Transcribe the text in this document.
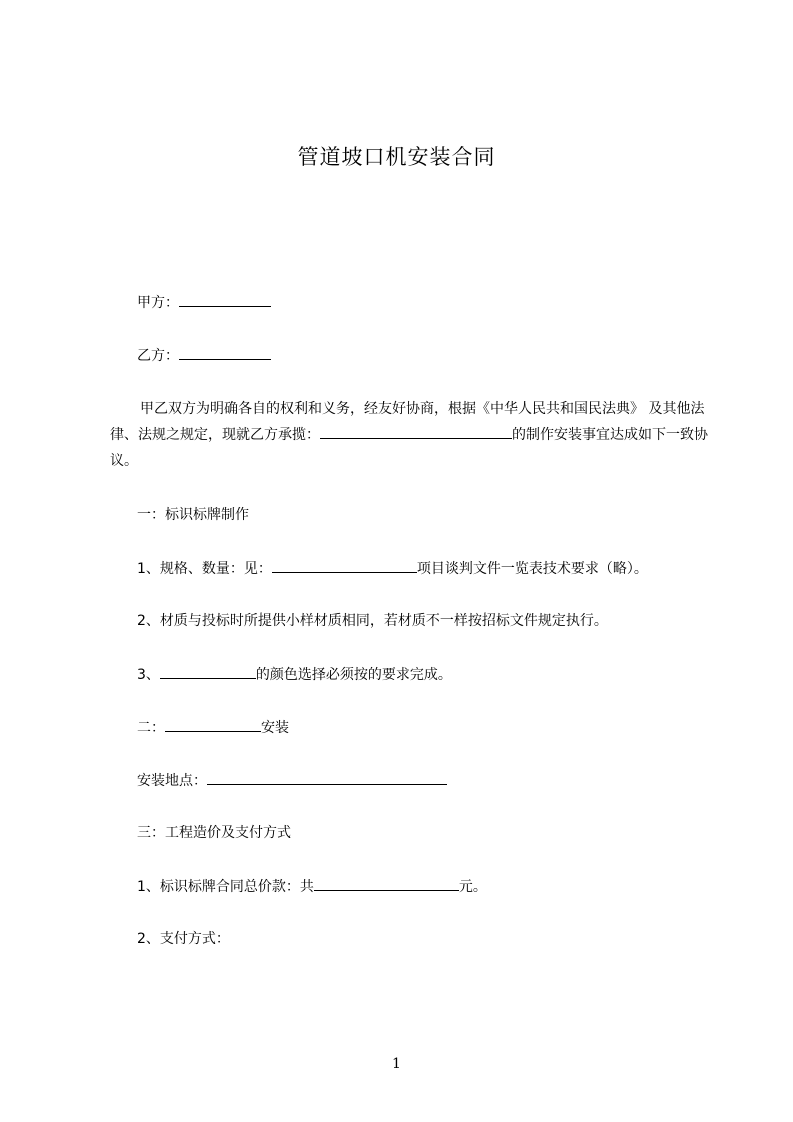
管道坡口机安装合同
甲方：
乙方：
甲乙双方为明确各自的权利和义务，经友好协商，根据《中华人民共和国民法典》 及其他法律、法规之规定，现就乙方承揽：	的制作安装事宜达成如下一致协议。
一：标识标牌制作
1、规格、数量：见：	项目谈判文件一览表技术要求（略）。
2、材质与投标时所提供小样材质相同，若材质不一样按招标文件规定执行。
3、	的颜色选择必须按的要求完成。
二：	安装
安装地点：
三：工程造价及支付方式
1、标识标牌合同总价款：共	元。
2、支付方式：
1
